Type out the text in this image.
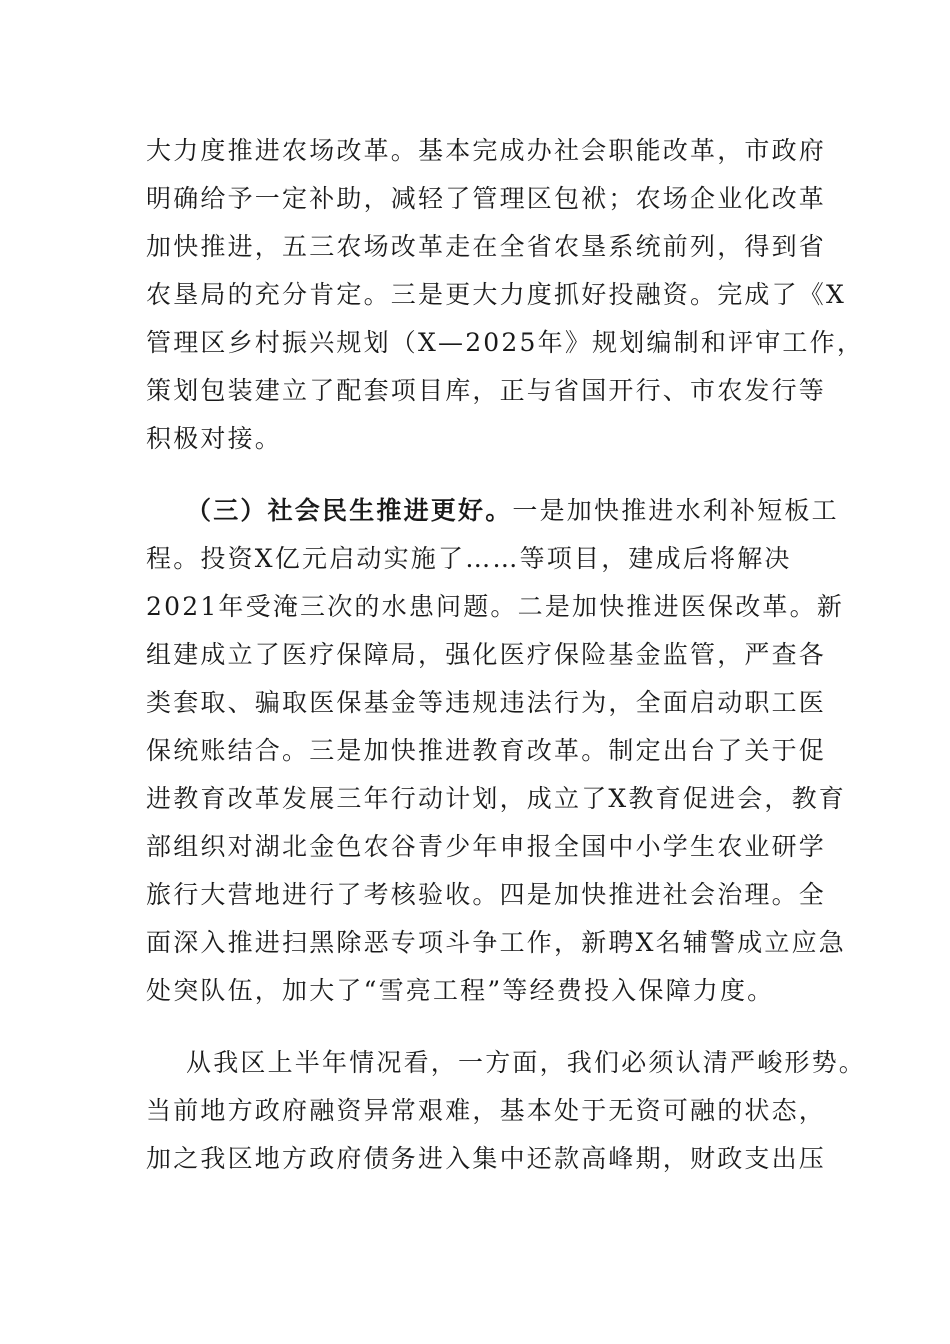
大力度推进农场改革。基本完成办社会职能改革，市政府
明确给予一定补助，减轻了管理区包袱；农场企业化改革
加快推进，五三农场改革走在全省农垦系统前列，得到省
农垦局的充分肯定。三是更大力度抓好投融资。完成了《X
管理区乡村振兴规划（X—2025年》规划编制和评审工作，
策划包装建立了配套项目库，正与省国开行、市农发行等
积极对接。
（三）社会民生推进更好。一是加快推进水利补短板工
程。投资X亿元启动实施了……等项目，建成后将解决
2021年受淹三次的水患问题。二是加快推进医保改革。新
组建成立了医疗保障局，强化医疗保险基金监管，严查各
类套取、骗取医保基金等违规违法行为，全面启动职工医
保统账结合。三是加快推进教育改革。制定出台了关于促
进教育改革发展三年行动计划，成立了X教育促进会，教育
部组织对湖北金色农谷青少年申报全国中小学生农业研学
旅行大营地进行了考核验收。四是加快推进社会治理。全
面深入推进扫黑除恶专项斗争工作，新聘X名辅警成立应急
处突队伍，加大了“雪亮工程”等经费投入保障力度。
从我区上半年情况看，一方面，我们必须认清严峻形势。
当前地方政府融资异常艰难，基本处于无资可融的状态，
加之我区地方政府债务进入集中还款高峰期，财政支出压
